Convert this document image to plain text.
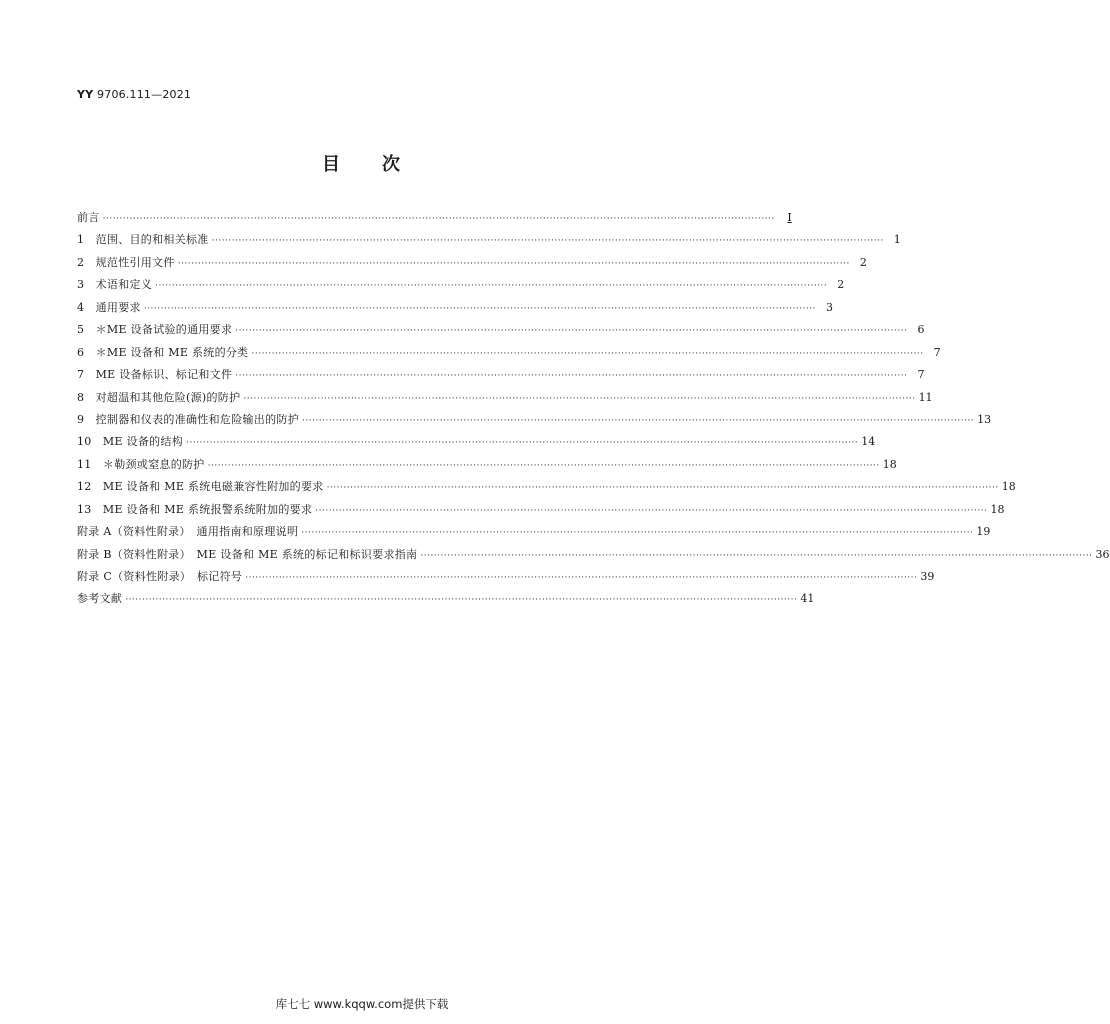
YY 9706.111—2021
目 次
前言 ········································································································································································································	Ⅰ
1　范围、目的和相关标准 ········································································································································································································ 1
2　规范性引用文件 ········································································································································································································ 2
3　术语和定义 ········································································································································································································ 2
4　通用要求 ········································································································································································································ 3
5　＊ME 设备试验的通用要求 ········································································································································································································ 6
6　＊ME 设备和 ME 系统的分类 ········································································································································································································ 7
7　ME 设备标识、标记和文件 ········································································································································································································ 7
8　对超温和其他危险(源)的防护 ········································································································································································································ 11
9　控制器和仪表的准确性和危险输出的防护 ········································································································································································································ 13
10　ME 设备的结构 ········································································································································································································ 14
11　＊勒颈或窒息的防护 ········································································································································································································ 18
12　ME 设备和 ME 系统电磁兼容性附加的要求 ········································································································································································································ 18
13　ME 设备和 ME 系统报警系统附加的要求 ········································································································································································································ 18
附录 A（资料性附录）　通用指南和原理说明 ········································································································································································································ 19
附录 B（资料性附录）　ME 设备和 ME 系统的标记和标识要求指南 ········································································································································································································ 36
附录 C（资料性附录）　标记符号 ········································································································································································································ 39
参考文献 ········································································································································································································ 41
库七七 www.kqqw.com提供下载
